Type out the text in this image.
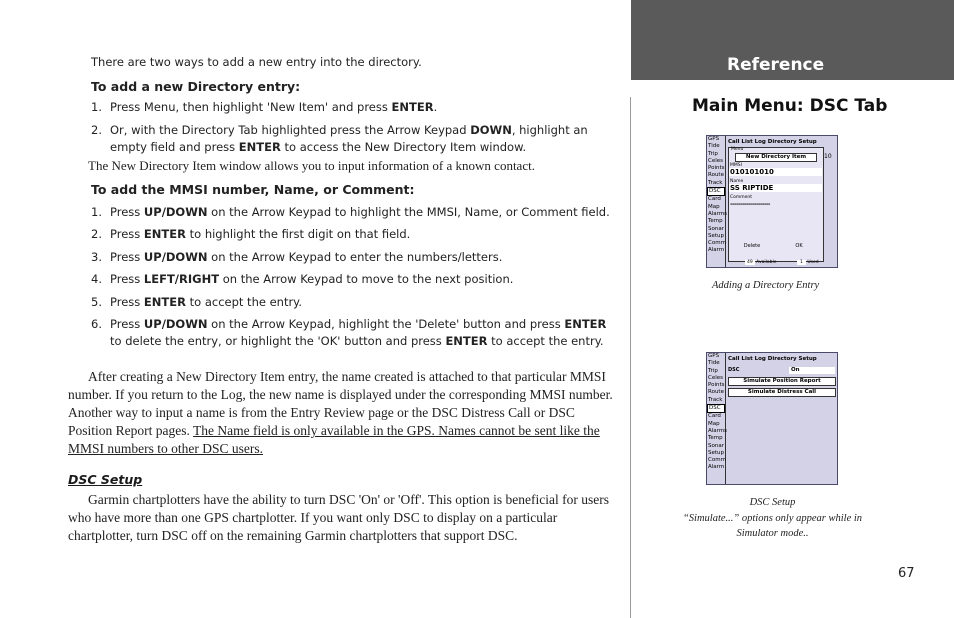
There are two ways to add a new entry into the directory.
To add a new Directory entry:
1. Press Menu, then highlight 'New Item' and press ENTER.
2. Or, with the Directory Tab highlighted press the Arrow Keypad DOWN, highlight an empty field and press ENTER to access the New Directory Item window.
The New Directory Item window allows you to input information of a known contact.
To add the MMSI number, Name, or Comment:
1. Press UP/DOWN on the Arrow Keypad to highlight the MMSI, Name, or Comment field.
2. Press ENTER to highlight the first digit on that field.
3. Press UP/DOWN on the Arrow Keypad to enter the numbers/letters.
4. Press LEFT/RIGHT on the Arrow Keypad to move to the next position.
5. Press ENTER to accept the entry.
6. Press UP/DOWN on the Arrow Keypad, highlight the 'Delete' button and press ENTER to delete the entry, or highlight the 'OK' button and press ENTER to accept the entry.
After creating a New Directory Item entry, the name created is attached to that particular MMSI number. If you return to the Log, the new name is displayed under the corresponding MMSI number. Another way to input a name is from the Entry Review page or the DSC Distress Call or DSC Position Report pages. The Name field is only available in the GPS. Names cannot be sent like the MMSI numbers to other DSC users.
DSC Setup
Garmin chartplotters have the ability to turn DSC 'On' or 'Off'. This option is beneficial for users who have more than one GPS chartplotter. If you want only DSC to display on a particular chartplotter, turn DSC off on the remaining Garmin chartplotters that support DSC.
Reference
Main Menu: DSC Tab
GPS
Tide
Trip
Celes
Points
Route
Track
DSC
Card
Map
Alarms
Temp
Sonar
Setup
Comm
Alarm
Call List Log Directory Setup
Menu
New Directory Item
MMSI
010101010
Name
SS RIPTIDE
Comment
--------------------
10
Delete	OK
49 Available	1 Used
Adding a Directory Entry
GPS
Tide
Trip
Celes
Points
Route
Track
DSC
Card
Map
Alarms
Temp
Sonar
Setup
Comm
Alarm
Call List Log Directory Setup
DSC	On
Simulate Position Report
Simulate Distress Call
DSC Setup
“Simulate...” options only appear while in
Simulator mode..
67
